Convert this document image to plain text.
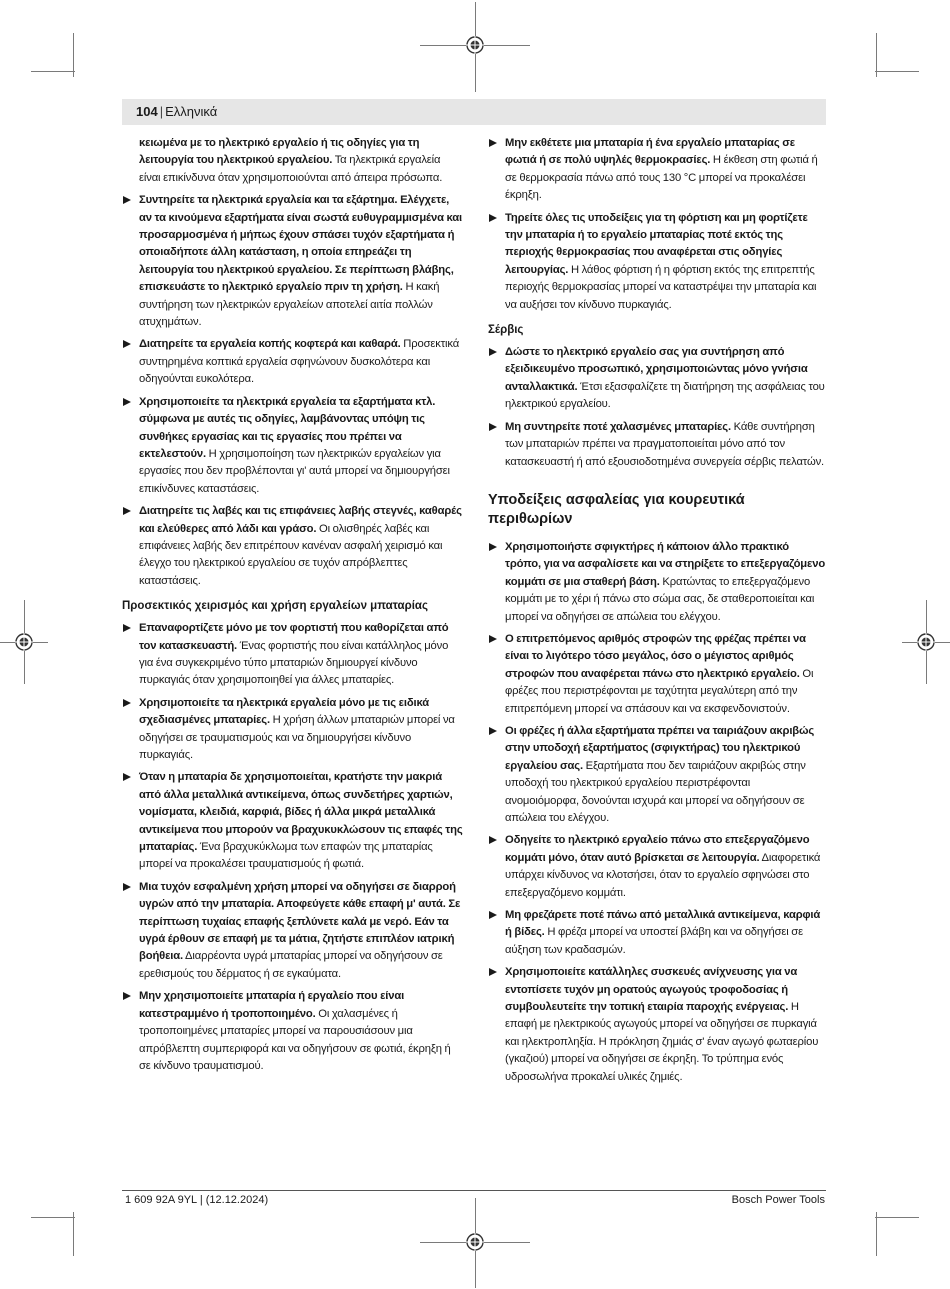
104 | Ελληνικά
κειωμένα με το ηλεκτρικό εργαλείο ή τις οδηγίες για τη λειτουργία του ηλεκτρικού εργαλείου. Τα ηλεκτρικά εργαλεία είναι επικίνδυνα όταν χρησιμοποιούνται από άπειρα πρόσωπα.
Συντηρείτε τα ηλεκτρικά εργαλεία και τα εξάρτημα. Ελέγχετε, αν τα κινούμενα εξαρτήματα είναι σωστά ευθυγραμμισμένα και προσαρμοσμένα ή μήπως έχουν σπάσει τυχόν εξαρτήματα ή οποιαδήποτε άλλη κατάσταση, η οποία επηρεάζει τη λειτουργία του ηλεκτρικού εργαλείου. Σε περίπτωση βλάβης, επισκευάστε το ηλεκτρικό εργαλείο πριν τη χρήση. Η κακή συντήρηση των ηλεκτρικών εργαλείων αποτελεί αιτία πολλών ατυχημάτων.
Διατηρείτε τα εργαλεία κοπής κοφτερά και καθαρά. Προσεκτικά συντηρημένα κοπτικά εργαλεία σφηνώνουν δυσκολότερα και οδηγούνται ευκολότερα.
Χρησιμοποιείτε τα ηλεκτρικά εργαλεία τα εξαρτήματα κτλ. σύμφωνα με αυτές τις οδηγίες, λαμβάνοντας υπόψη τις συνθήκες εργασίας και τις εργασίες που πρέπει να εκτελεστούν. Η χρησιμοποίηση των ηλεκτρικών εργαλείων για εργασίες που δεν προβλέπονται γι' αυτά μπορεί να δημιουργήσει επικίνδυνες καταστάσεις.
Διατηρείτε τις λαβές και τις επιφάνειες λαβής στεγνές, καθαρές και ελεύθερες από λάδι και γράσο. Οι ολισθηρές λαβές και επιφάνειες λαβής δεν επιτρέπουν κανέναν ασφαλή χειρισμό και έλεγχο του ηλεκτρικού εργαλείου σε τυχόν απρόβλεπτες καταστάσεις.
Προσεκτικός χειρισμός και χρήση εργαλείων μπαταρίας
Επαναφορτίζετε μόνο με τον φορτιστή που καθορίζεται από τον κατασκευαστή. Ένας φορτιστής που είναι κατάλληλος μόνο για ένα συγκεκριμένο τύπο μπαταριών δημιουργεί κίνδυνο πυρκαγιάς όταν χρησιμοποιηθεί για άλλες μπαταρίες.
Χρησιμοποιείτε τα ηλεκτρικά εργαλεία μόνο με τις ειδικά σχεδιασμένες μπαταρίες. Η χρήση άλλων μπαταριών μπορεί να οδηγήσει σε τραυματισμούς και να δημιουργήσει κίνδυνο πυρκαγιάς.
Όταν η μπαταρία δε χρησιμοποιείται, κρατήστε την μακριά από άλλα μεταλλικά αντικείμενα, όπως συνδετήρες χαρτιών, νομίσματα, κλειδιά, καρφιά, βίδες ή άλλα μικρά μεταλλικά αντικείμενα που μπορούν να βραχυκυκλώσουν τις επαφές της μπαταρίας. Ένα βραχυκύκλωμα των επαφών της μπαταρίας μπορεί να προκαλέσει τραυματισμούς ή φωτιά.
Μια τυχόν εσφαλμένη χρήση μπορεί να οδηγήσει σε διαρροή υγρών από την μπαταρία. Αποφεύγετε κάθε επαφή μ' αυτά. Σε περίπτωση τυχαίας επαφής ξεπλύνετε καλά με νερό. Εάν τα υγρά έρθουν σε επαφή με τα μάτια, ζητήστε επιπλέον ιατρική βοήθεια. Διαρρέοντα υγρά μπαταρίας μπορεί να οδηγήσουν σε ερεθισμούς του δέρματος ή σε εγκαύματα.
Μην χρησιμοποιείτε μπαταρία ή εργαλείο που είναι κατεστραμμένο ή τροποποιημένο. Οι χαλασμένες ή τροποποιημένες μπαταρίες μπορεί να παρουσιάσουν μια απρόβλεπτη συμπεριφορά και να οδηγήσουν σε φωτιά, έκρηξη ή σε κίνδυνο τραυματισμού.
Μην εκθέτετε μια μπαταρία ή ένα εργαλείο μπαταρίας σε φωτιά ή σε πολύ υψηλές θερμοκρασίες. Η έκθεση στη φωτιά ή σε θερμοκρασία πάνω από τους 130 °C μπορεί να προκαλέσει έκρηξη.
Τηρείτε όλες τις υποδείξεις για τη φόρτιση και μη φορτίζετε την μπαταρία ή το εργαλείο μπαταρίας ποτέ εκτός της περιοχής θερμοκρασίας που αναφέρεται στις οδηγίες λειτουργίας. Η λάθος φόρτιση ή η φόρτιση εκτός της επιτρεπτής περιοχής θερμοκρασίας μπορεί να καταστρέψει την μπαταρία και να αυξήσει τον κίνδυνο πυρκαγιάς.
Σέρβις
Δώστε το ηλεκτρικό εργαλείο σας για συντήρηση από εξειδικευμένο προσωπικό, χρησιμοποιώντας μόνο γνήσια ανταλλακτικά. Έτσι εξασφαλίζετε τη διατήρηση της ασφάλειας του ηλεκτρικού εργαλείου.
Μη συντηρείτε ποτέ χαλασμένες μπαταρίες. Κάθε συντήρηση των μπαταριών πρέπει να πραγματοποιείται μόνο από τον κατασκευαστή ή από εξουσιοδοτημένα συνεργεία σέρβις πελατών.
Υποδείξεις ασφαλείας για κουρευτικά περιθωρίων
Χρησιμοποιήστε σφιγκτήρες ή κάποιον άλλο πρακτικό τρόπο, για να ασφαλίσετε και να στηρίξετε το επεξεργαζόμενο κομμάτι σε μια σταθερή βάση. Κρατώντας το επεξεργαζόμενο κομμάτι με το χέρι ή πάνω στο σώμα σας, δε σταθεροποιείται και μπορεί να οδηγήσει σε απώλεια του ελέγχου.
Ο επιτρεπόμενος αριθμός στροφών της φρέζας πρέπει να είναι το λιγότερο τόσο μεγάλος, όσο ο μέγιστος αριθμός στροφών που αναφέρεται πάνω στο ηλεκτρικό εργαλείο. Οι φρέζες που περιστρέφονται με ταχύτητα μεγαλύτερη από την επιτρεπόμενη μπορεί να σπάσουν και να εκσφενδονιστούν.
Οι φρέζες ή άλλα εξαρτήματα πρέπει να ταιριάζουν ακριβώς στην υποδοχή εξαρτήματος (σφιγκτήρας) του ηλεκτρικού εργαλείου σας. Εξαρτήματα που δεν ταιριάζουν ακριβώς στην υποδοχή του ηλεκτρικού εργαλείου περιστρέφονται ανομοιόμορφα, δονούνται ισχυρά και μπορεί να οδηγήσουν σε απώλεια του ελέγχου.
Οδηγείτε το ηλεκτρικό εργαλείο πάνω στο επεξεργαζόμενο κομμάτι μόνο, όταν αυτό βρίσκεται σε λειτουργία. Διαφορετικά υπάρχει κίνδυνος να κλοτσήσει, όταν το εργαλείο σφηνώσει στο επεξεργαζόμενο κομμάτι.
Μη φρεζάρετε ποτέ πάνω από μεταλλικά αντικείμενα, καρφιά ή βίδες. Η φρέζα μπορεί να υποστεί βλάβη και να οδηγήσει σε αύξηση των κραδασμών.
Χρησιμοποιείτε κατάλληλες συσκευές ανίχνευσης για να εντοπίσετε τυχόν μη ορατούς αγωγούς τροφοδοσίας ή συμβουλευτείτε την τοπική εταιρία παροχής ενέργειας. Η επαφή με ηλεκτρικούς αγωγούς μπορεί να οδηγήσει σε πυρκαγιά και ηλεκτροπληξία. Η πρόκληση ζημιάς σ' έναν αγωγό φωταερίου (γκαζιού) μπορεί να οδηγήσει σε έκρηξη. Το τρύπημα ενός υδροσωλήνα προκαλεί υλικές ζημιές.
1 609 92A 9YL | (12.12.2024)	Bosch Power Tools
